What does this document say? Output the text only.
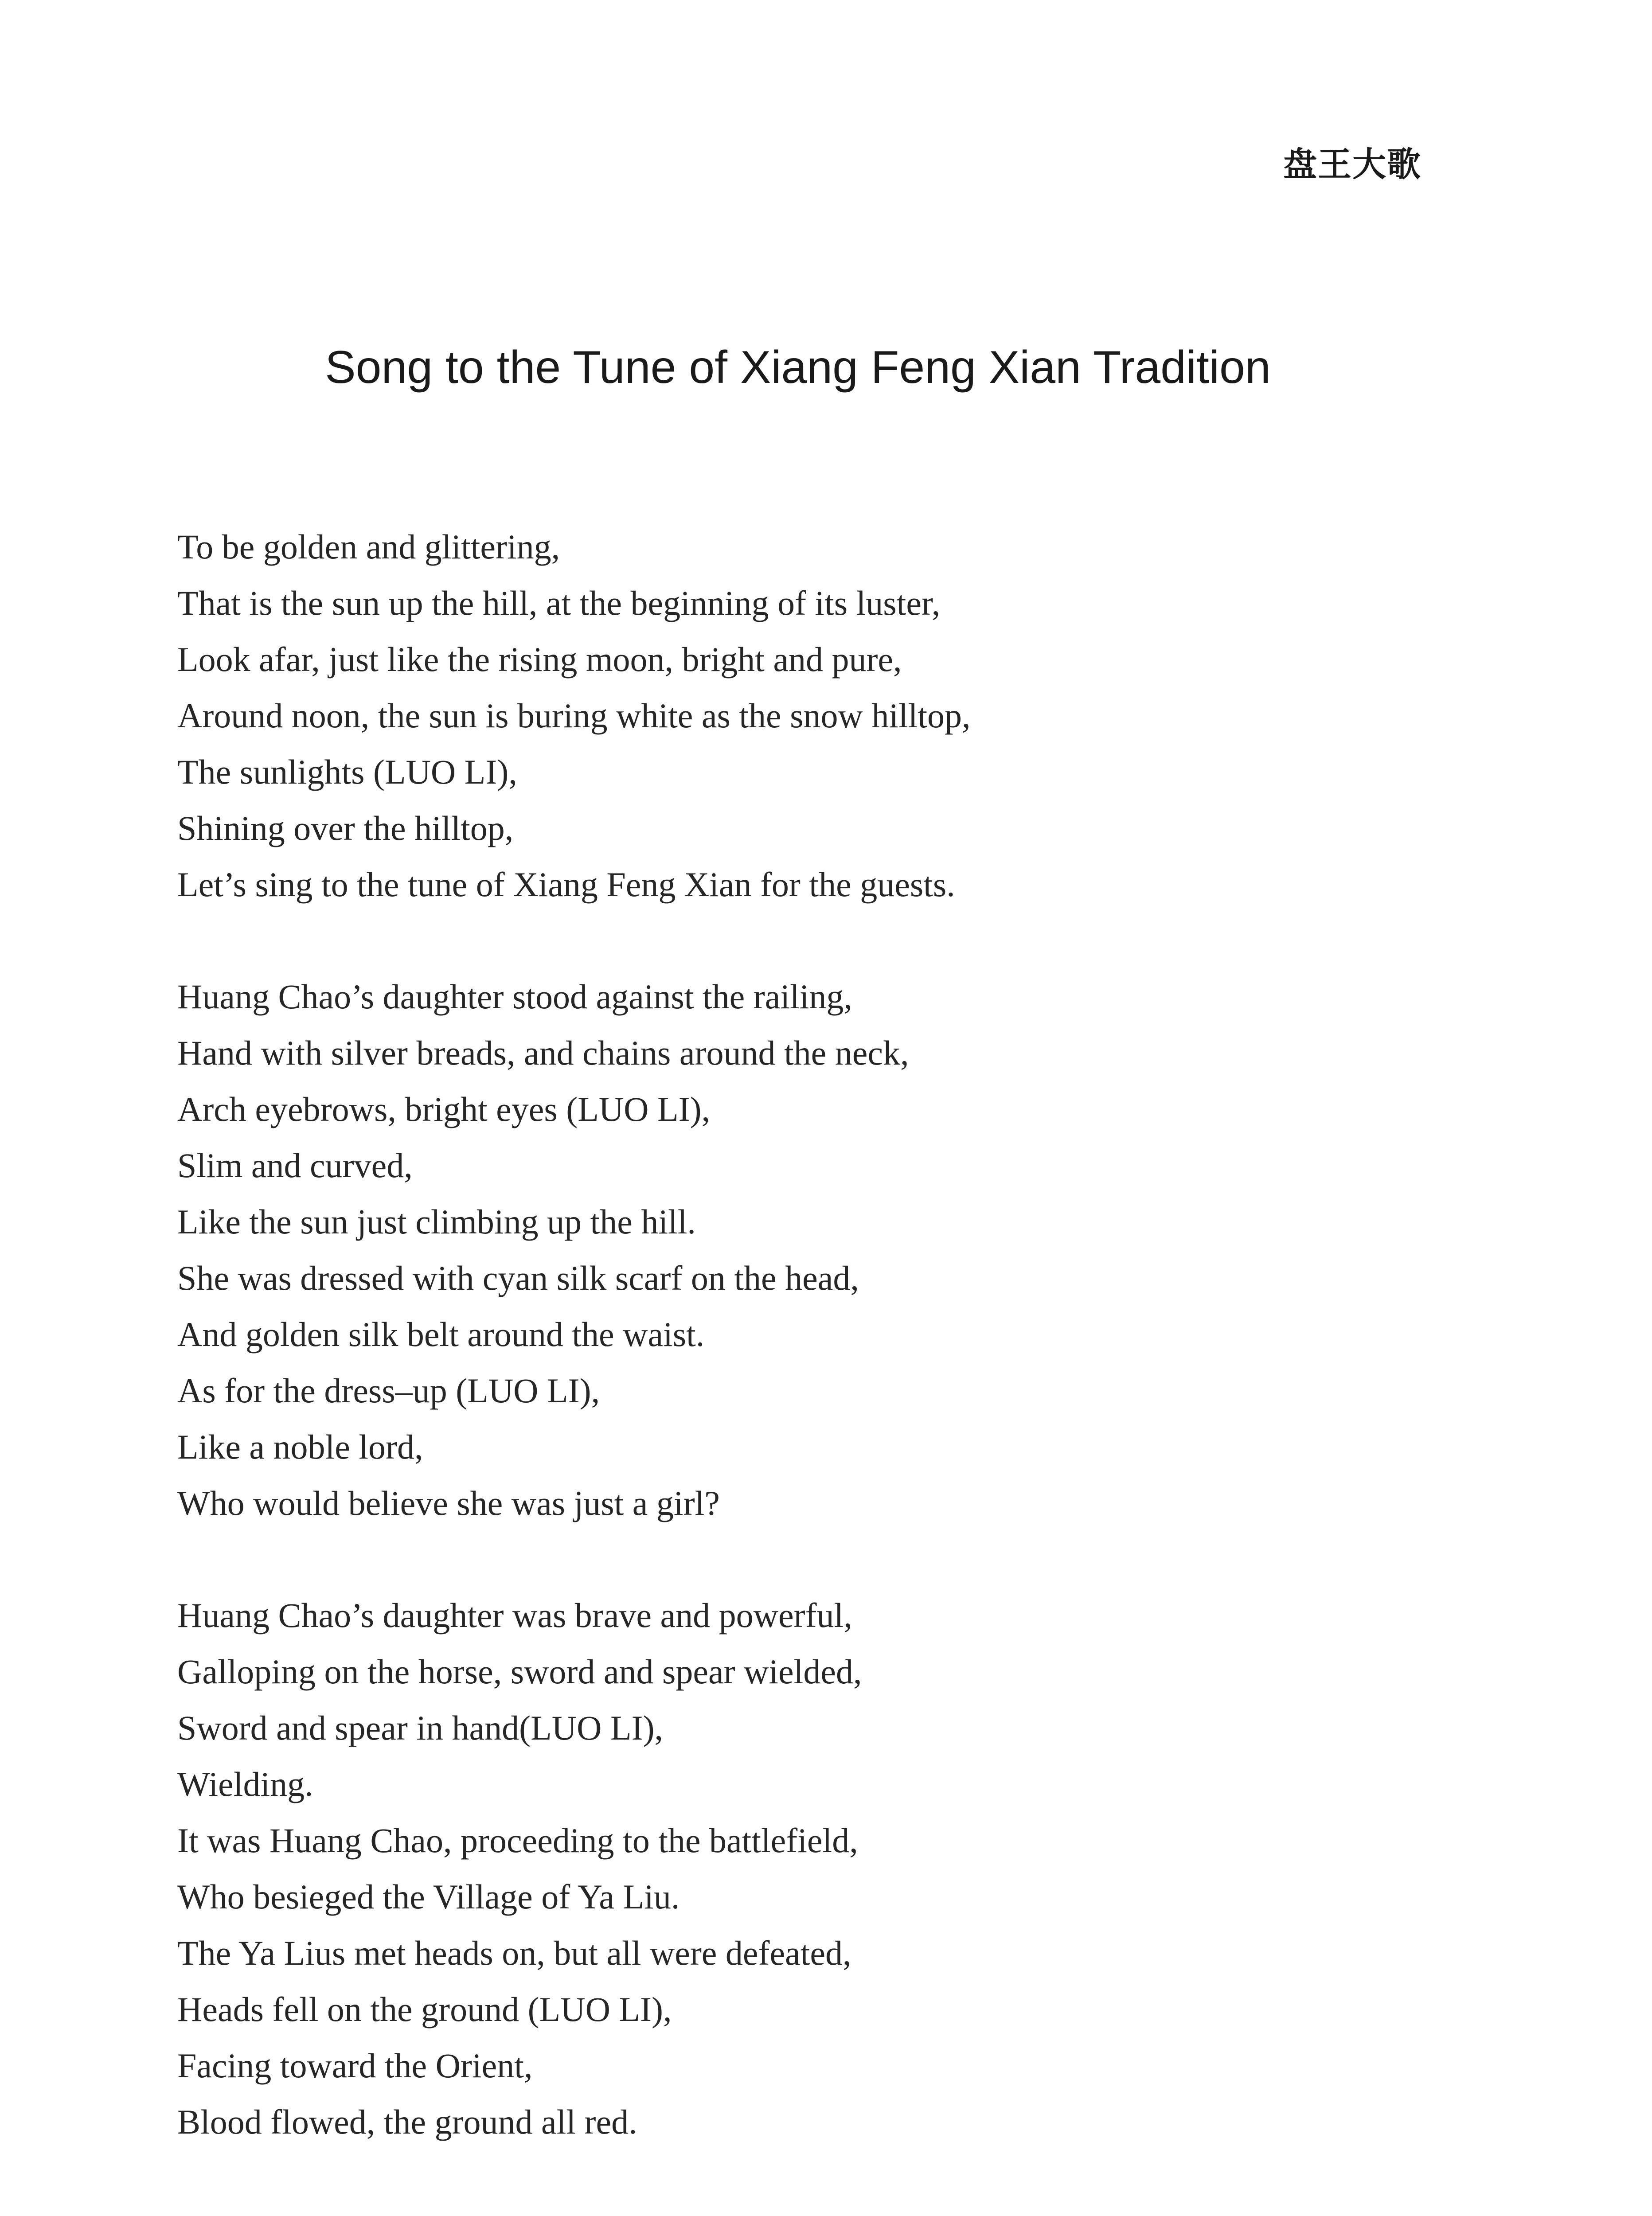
盘王大歌
Song to the Tune of Xiang Feng Xian Tradition
To be golden and glittering,
That is the sun up the hill, at the beginning of its luster,
Look afar, just like the rising moon, bright and pure,
Around noon, the sun is buring white as the snow hilltop,
The sunlights (LUO LI),
Shining over the hilltop,
Let’s sing to the tune of Xiang Feng Xian for the guests.
Huang Chao’s daughter stood against the railing,
Hand with silver breads, and chains around the neck,
Arch eyebrows, bright eyes (LUO LI),
Slim and curved,
Like the sun just climbing up the hill.
She was dressed with cyan silk scarf on the head,
And golden silk belt around the waist.
As for the dress–up (LUO LI),
Like a noble lord,
Who would believe she was just a girl?
Huang Chao’s daughter was brave and powerful,
Galloping on the horse, sword and spear wielded,
Sword and spear in hand(LUO LI),
Wielding.
It was Huang Chao, proceeding to the battlefield,
Who besieged the Village of Ya Liu.
The Ya Lius met heads on, but all were defeated,
Heads fell on the ground (LUO LI),
Facing toward the Orient,
Blood flowed, the ground all red.
